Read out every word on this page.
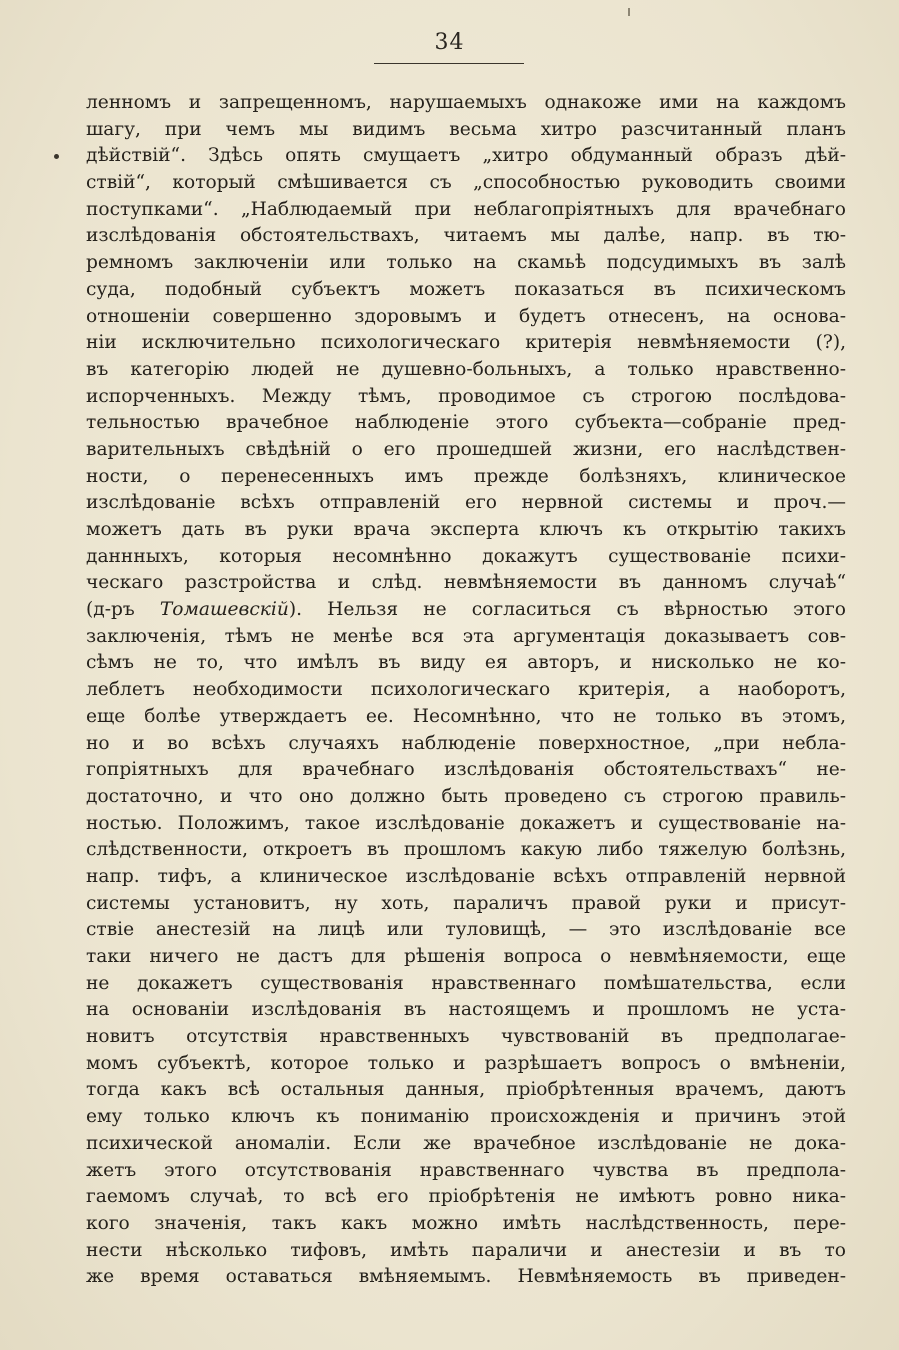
34
ленномъ и запрещенномъ, нарушаемыхъ однакоже ими на каждомъ
шагу, при чемъ мы видимъ весьма хитро разсчитанный планъ
дѣйствій“. Здѣсь опять смущаетъ „хитро обдуманный образъ дѣй-
ствій“, который смѣшивается съ „способностью руководить своими
поступками“. „Наблюдаемый при неблагопріятныхъ для врачебнаго
изслѣдованія обстоятельствахъ, читаемъ мы далѣе, напр. въ тю-
ремномъ заключеніи или только на скамьѣ подсудимыхъ въ залѣ
суда, подобный субъектъ можетъ показаться въ психическомъ
отношеніи совершенно здоровымъ и будетъ отнесенъ, на основа-
ніи исключительно психологическаго критерія невмѣняемости (?),
въ категорію людей не душевно-больныхъ, а только нравственно-
испорченныхъ. Между тѣмъ, проводимое съ строгою послѣдова-
тельностью врачебное наблюденіе этого субъекта—собраніе пред-
варительныхъ свѣдѣній о его прошедшей жизни, его наслѣдствен-
ности, о перенесенныхъ имъ прежде болѣзняхъ, клиническое
изслѣдованіе всѣхъ отправленій его нервной системы и проч.—
можетъ дать въ руки врача эксперта ключъ къ открытію такихъ
даннныхъ, которыя несомнѣнно докажутъ существованіе психи-
ческаго разстройства и слѣд. невмѣняемости въ данномъ случаѣ“
(д‑ръ Томашевскій). Нельзя не согласиться съ вѣрностью этого
заключенія, тѣмъ не менѣе вся эта аргументація доказываетъ сов-
сѣмъ не то, что имѣлъ въ виду ея авторъ, и нисколько не ко-
леблетъ необходимости психологическаго критерія, а наоборотъ,
еще болѣе утверждаетъ ее. Несомнѣнно, что не только въ этомъ,
но и во всѣхъ случаяхъ наблюденіе поверхностное, „при небла-
гопріятныхъ для врачебнаго изслѣдованія обстоятельствахъ“ не-
достаточно, и что оно должно быть проведено съ строгою правиль-
ностью. Положимъ, такое изслѣдованіе докажетъ и существованіе на-
слѣдственности, откроетъ въ прошломъ какую либо тяжелую болѣзнь,
напр. тифъ, а клиническое изслѣдованіе всѣхъ отправленій нервной
системы установитъ, ну хоть, параличъ правой руки и присут-
ствіе анестезій на лицѣ или туловищѣ, — это изслѣдованіе все
таки ничего не дастъ для рѣшенія вопроса о невмѣняемости, еще
не докажетъ существованія нравственнаго помѣшательства, если
на основаніи изслѣдованія въ настоящемъ и прошломъ не уста-
новитъ отсутствія нравственныхъ чувствованій въ предполагае-
момъ субъектѣ, которое только и разрѣшаетъ вопросъ о вмѣненіи,
тогда какъ всѣ остальныя данныя, пріобрѣтенныя врачемъ, даютъ
ему только ключъ къ пониманію происхожденія и причинъ этой
психической аномаліи. Если же врачебное изслѣдованіе не дока-
жетъ этого отсутствованія нравственнаго чувства въ предпола-
гаемомъ случаѣ, то всѣ его пріобрѣтенія не имѣютъ ровно ника-
кого значенія, такъ какъ можно имѣть наслѣдственность, пере-
нести нѣсколько тифовъ, имѣть параличи и анестезіи и въ то
же время оставаться вмѣняемымъ. Невмѣняемость въ приведен-
